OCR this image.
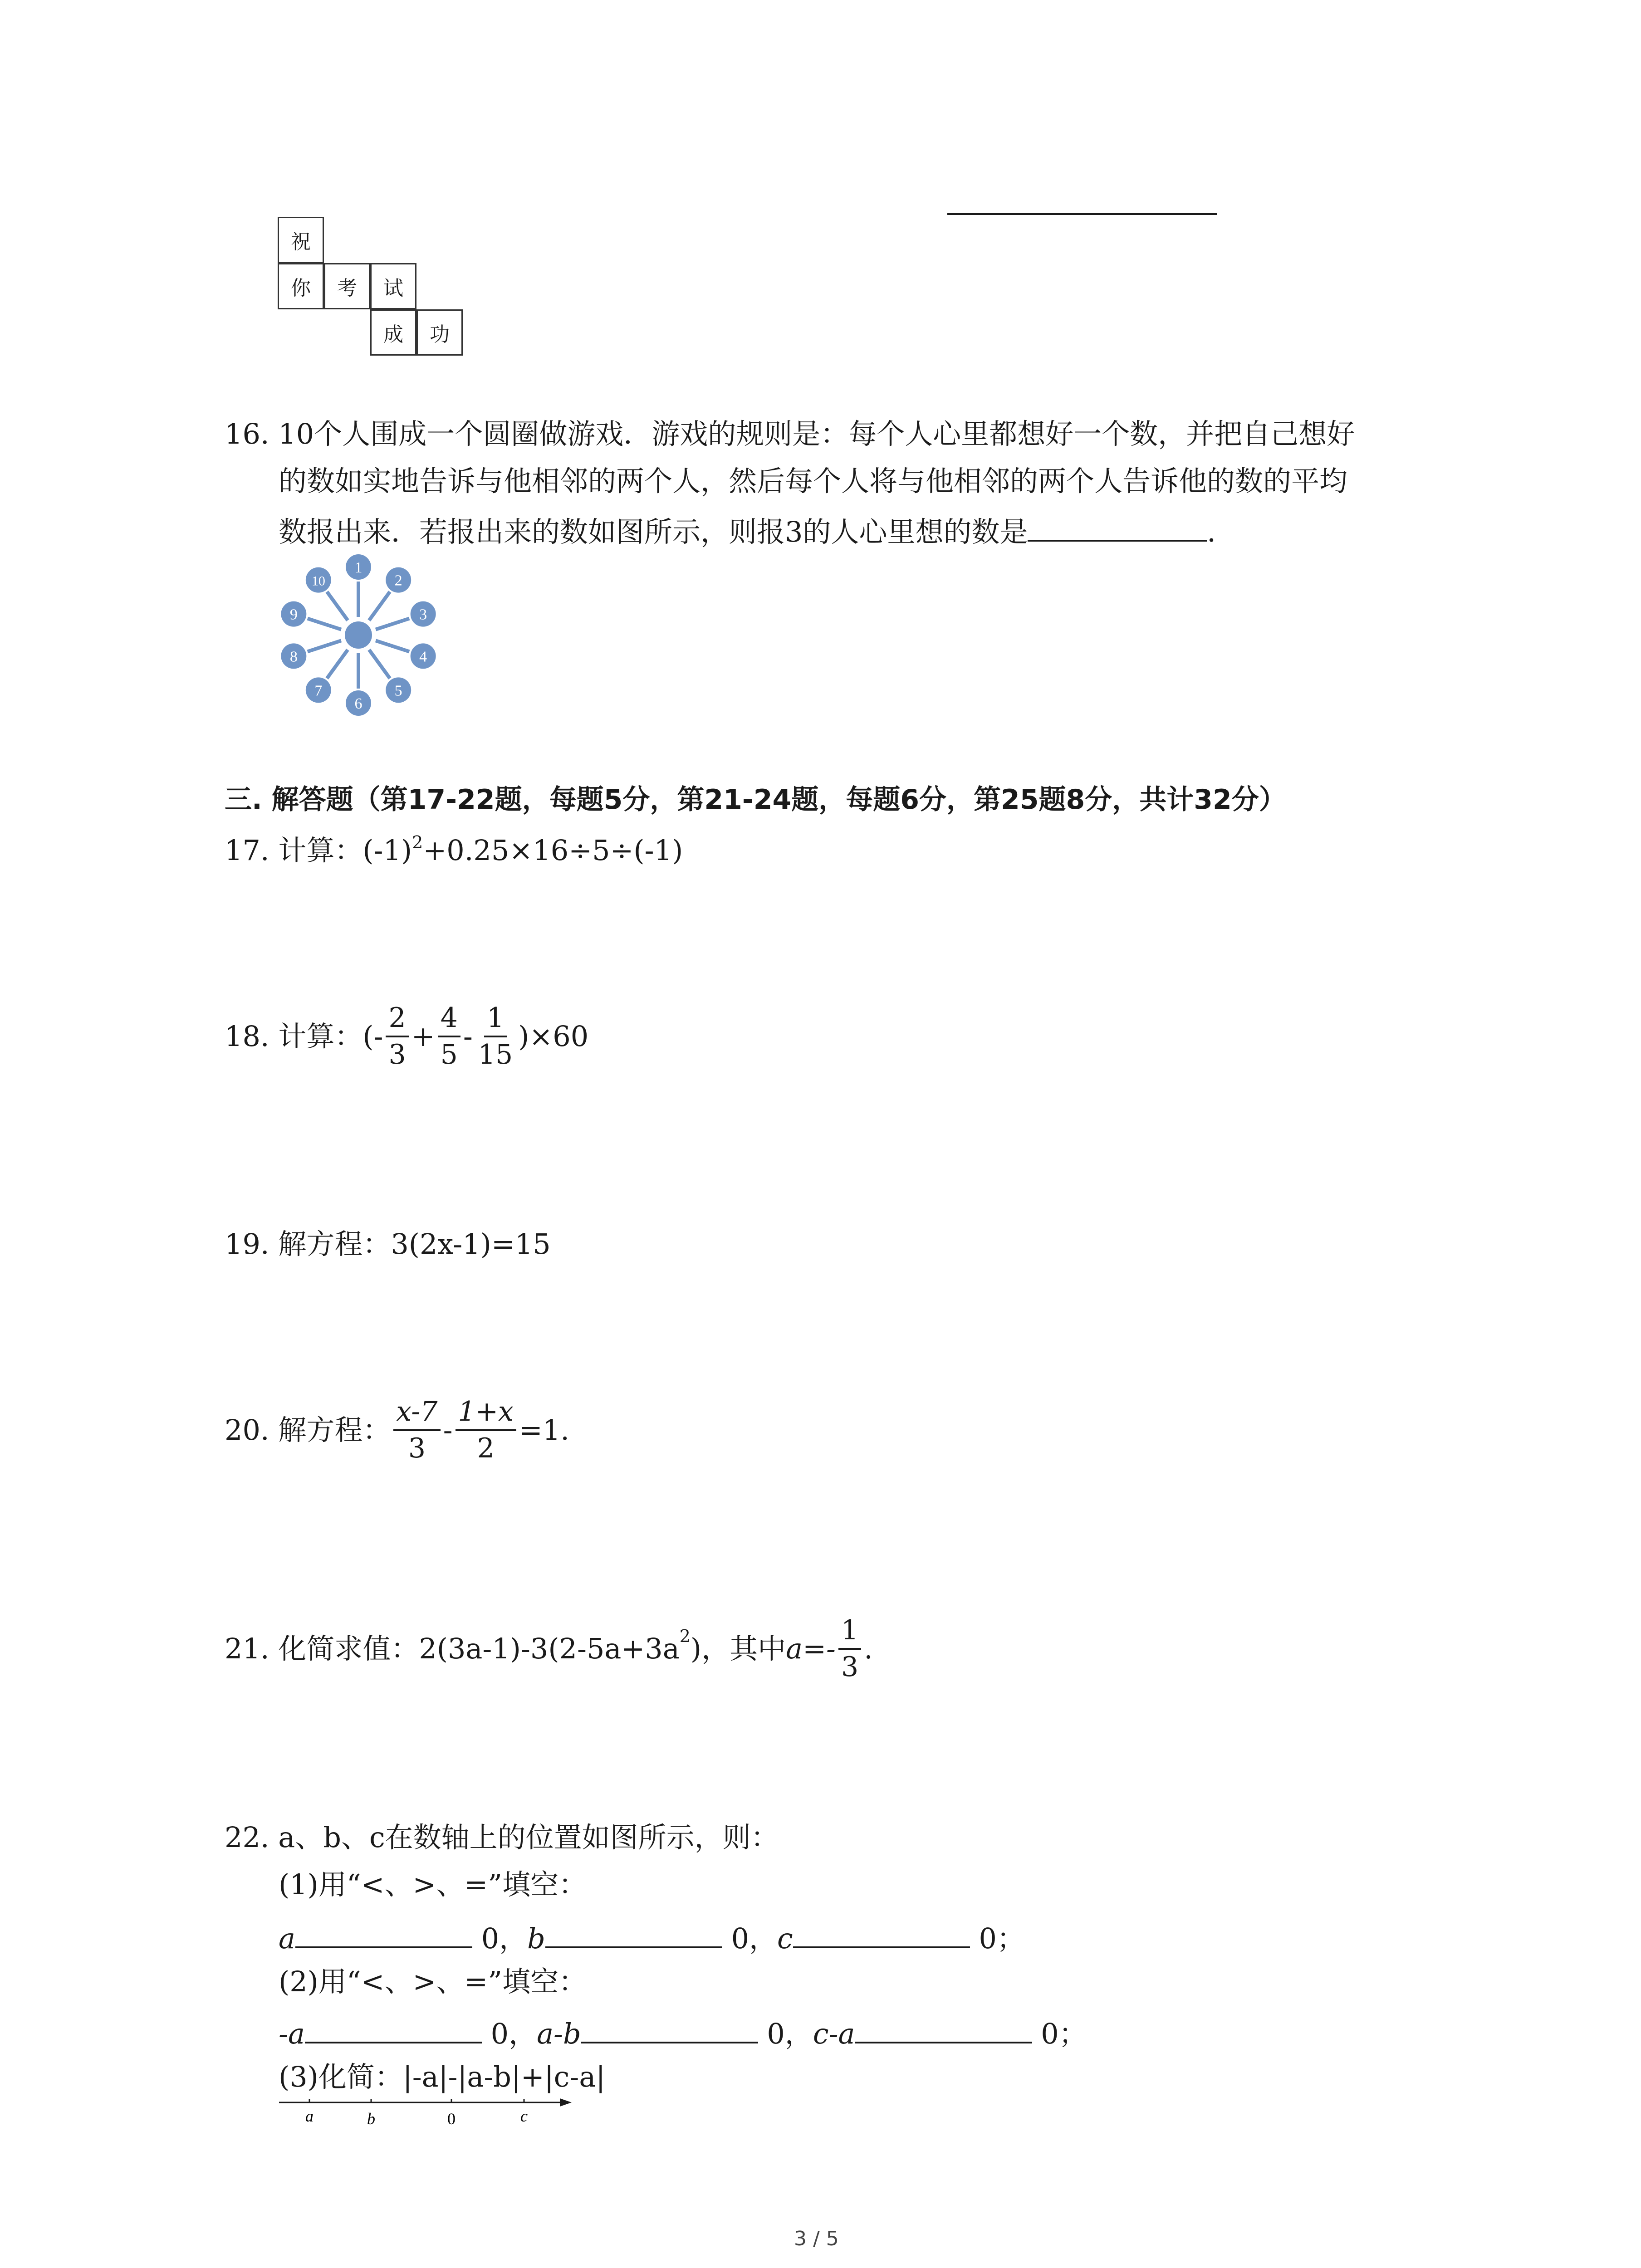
祝
你	考	试
成	功
16. 10个人围成一个圆圈做游戏．游戏的规则是：每个人心里都想好一个数，并把自己想好
的数如实地告诉与他相邻的两个人，然后每个人将与他相邻的两个人告诉他的数的平均
数报出来．若报出来的数如图所示，则报3的人心里想的数是	．
1
2
3
4
5
6
7
8
9
10
三. 解答题（第17-22题，每题5分，第21-24题，每题6分，第25题8分，共计32分）
17. 计算：$(-1)^2+0.25\times 16\div 5\div(-1)$
18.
计算： (- $\frac{2}{3} + \frac{4}{5} - \frac{1}{15} )\times 60$
19. 解方程：3(2x-1)=15
20.
解方程： $\frac{x-7}{3} - \frac{1+x}{2} =1$.
21.
化简求值： $2(3a-1)-3(2-5a+3a^2$ )，其中 $a=- \frac{1}{3}$ .
22. a、b、c在数轴上的位置如图所示，则：
(1)用“<、>、=”填空：
a	0，b	0，c	0；
(2)用“<、>、=”填空：
-a	0，a-b	0，c-a	0；
(3)化简：|-a|-|a-b|+|c-a|
a	b	0	c
3 / 5
